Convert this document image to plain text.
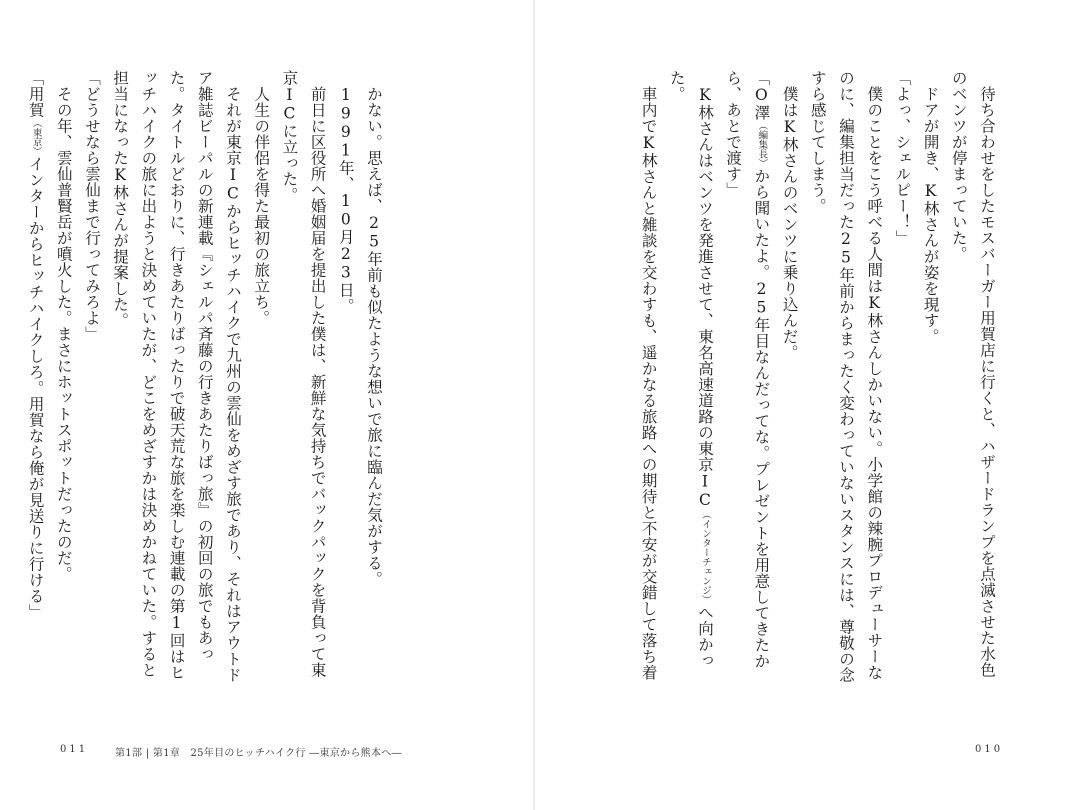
かない。思えば、25年前も似たような想いで旅に臨んだ気がする。

1991年、10月23日。

前日に区役所へ婚姻届を提出した僕は、新鮮な気持ちでバックパックを背負って東京ICに立った。

人生の伴侶を得た最初の旅立ち。

それが東京ICからヒッチハイクで九州の雲仙をめざす旅であり、それはアウトドア雑誌ビーパルの新連載『シェルパ斉藤の行きあたりばっ旅』の初回の旅でもあった。タイトルどおりに、行きあたりばったりで破天荒な旅を楽しむ連載の第1回はヒッチハイクの旅に出ようと決めていたが、どこをめざすかは決めかねていた。すると担当になったK林さんが提案した。

「どうせなら雲仙まで行ってみろよ」

その年、雲仙普賢岳が噴火した。まさにホットスポットだったのだ。

「用賀（東京）インターからヒッチハイクしろ。用賀なら俺が見送りに行ける」

011	第1部 | 第1章　25年目のヒッチハイク行 ―東京から熊本へ―

待ち合わせをしたモスバーガー用賀店に行くと、ハザードランプを点滅させた水色のベンツが停まっていた。

ドアが開き、K林さんが姿を現す。

「よっ、シェルピー！」

僕のことをこう呼べる人間はK林さんしかいない。小学館の辣腕プロデューサーなのに、編集担当だった25年前からまったく変わっていないスタンスには、尊敬の念すら感じてしまう。

僕はK林さんのベンツに乗り込んだ。

「O澤（編集長）から聞いたよ。25年目なんだってな。プレゼントを用意してきたから、あとで渡す」

K林さんはベンツを発進させて、東名高速道路の東京IC（インターチェンジ）へ向かった。

車内でK林さんと雑談を交わすも、遥かなる旅路への期待と不安が交錯して落ち着

010
